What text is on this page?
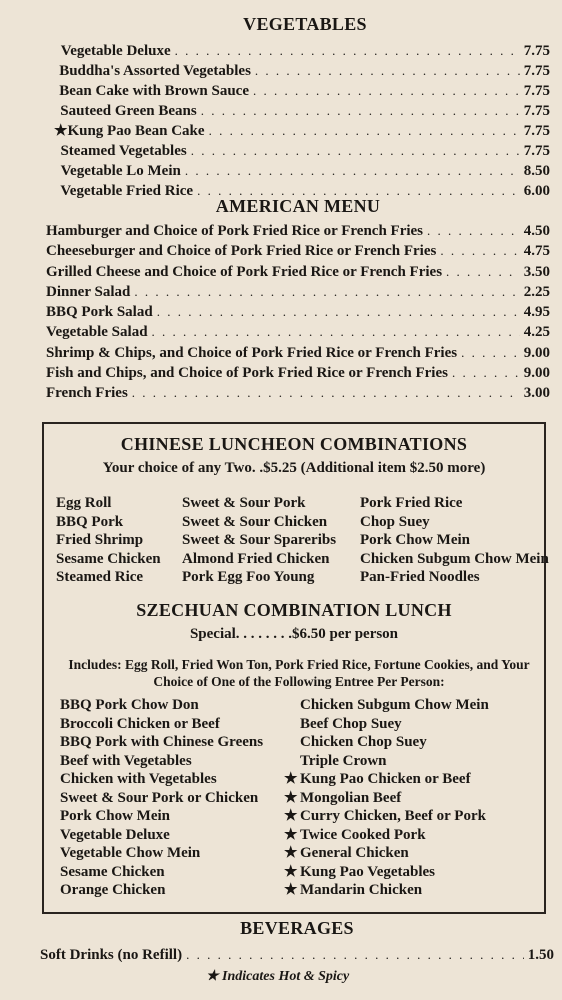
VEGETABLES
Vegetable Deluxe . . .	7.75
Buddha's Assorted Vegetables . . .	7.75
Bean Cake with Brown Sauce . . .	7.75
Sauteed Green Beans . . .	7.75
★ Kung Pao Bean Cake . . .	7.75
Steamed Vegetables . . .	7.75
Vegetable Lo Mein . . .	8.50
Vegetable Fried Rice . . .	6.00
AMERICAN MENU
Hamburger and Choice of Pork Fried Rice or French Fries . . .	4.50
Cheeseburger and Choice of Pork Fried Rice or French Fries . . .	4.75
Grilled Cheese and Choice of Pork Fried Rice or French Fries . . .	3.50
Dinner Salad . . .	2.25
BBQ Pork Salad . . .	4.95
Vegetable Salad . . .	4.25
Shrimp & Chips, and Choice of Pork Fried Rice or French Fries . . .	9.00
Fish and Chips, and Choice of Pork Fried Rice or French Fries . . .	9.00
French Fries . . .	3.00
CHINESE LUNCHEON COMBINATIONS
Your choice of any Two. .$5.25 (Additional item $2.50 more)
Egg Roll
BBQ Pork
Fried Shrimp
Sesame Chicken
Steamed Rice
Sweet & Sour Pork
Sweet & Sour Chicken
Sweet & Sour Spareribs
Almond Fried Chicken
Pork Egg Foo Young
Pork Fried Rice
Chop Suey
Pork Chow Mein
Chicken Subgum Chow Mein
Pan-Fried Noodles
SZECHUAN COMBINATION LUNCH
Special. . . . . . . .$6.50 per person
Includes: Egg Roll, Fried Won Ton, Pork Fried Rice, Fortune Cookies, and Your Choice of One of the Following Entree Per Person:
BBQ Pork Chow Don
Broccoli Chicken or Beef
BBQ Pork with Chinese Greens
Beef with Vegetables
Chicken with Vegetables
Sweet & Sour Pork or Chicken
Pork Chow Mein
Vegetable Deluxe
Vegetable Chow Mein
Sesame Chicken
Orange Chicken
Chicken Subgum Chow Mein
Beef Chop Suey
Chicken Chop Suey
Triple Crown
★ Kung Pao Chicken or Beef
★ Mongolian Beef
★ Curry Chicken, Beef or Pork
★ Twice Cooked Pork
★ General Chicken
★ Kung Pao Vegetables
★ Mandarin Chicken
BEVERAGES
Soft Drinks (no Refill) . . .	1.50
★ Indicates Hot & Spicy
